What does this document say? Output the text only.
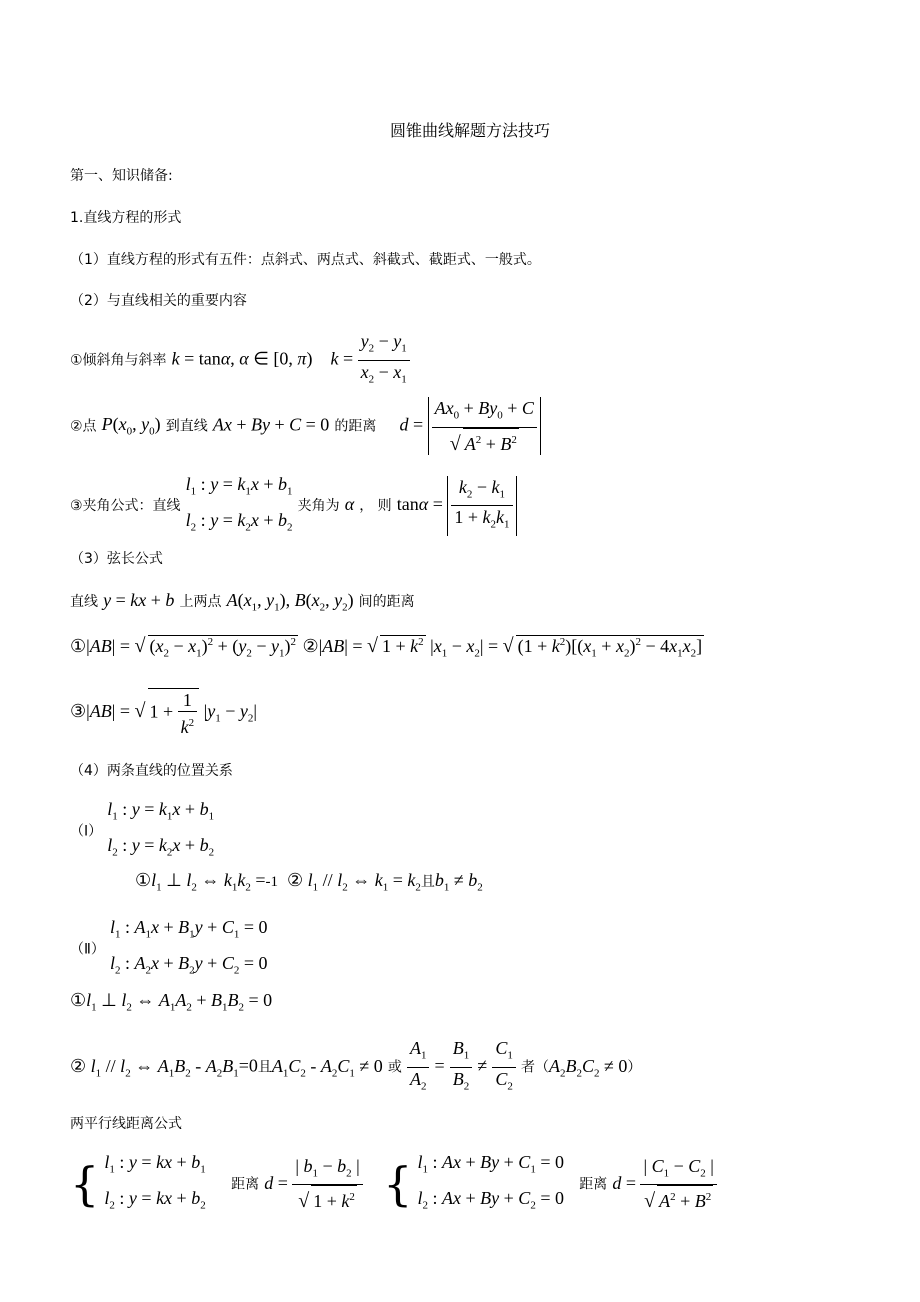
圆锥曲线解题方法技巧
第一、知识储备:
1.直线方程的形式
（1）直线方程的形式有五件：点斜式、两点式、斜截式、截距式、一般式。
（2）与直线相关的重要内容
①倾斜角与斜率 k = tanα, α ∈ [0, π)    $k = \frac{y_2 - y_1}{x_2 - x_1}$
②点 $P(x_0$, $y_0$) 到直线 Ax + By + C = 0 的距离 $d = \frac{Ax_0 + By_0 + C}{√ A^2 + B^2}$
③夹角公式：直线
$l_1$ : $y = k_1x + b_1$
$l_2$ : $y = k_2x + b_2$
夹角为 α ， 则 $\tan\alpha = \frac{k_2 - k_1}{1 + k_2k_1}$
（3）弦长公式
直线 y = kx + b 上两点 $A(x_1$, $y_1$), $B(x_2$, $y_2$) 间的距离
①|AB| = √ $(x_2 - x_1)^2 + (y_2 - y_1)^2$ ②|AB| = √ $1 + k^2$ $|x_1 - x_2|$ = √ $(1 + k^2)[(x_1 + x_2)^2 - 4x_1x_2]$
③|AB| = √ $1 + \frac{1}{k^2} |y_1 - y_2|$
（4）两条直线的位置关系
（Ⅰ）
$l_1$ : $y = k_1x + b_1$
$l_2$ : $y = k_2x + b_2$
$①l_1$ ⊥ $l_2$ ⇔ $k_1k_2 =-1$  ② $l_1 // l_2$ ⇔ $k_1 = k_2$且$b_1 \ne b_2$
（Ⅱ）
$l_1$ : $A_1x + B_1y + C_1 = 0$
$l_2$ : $A_2x + B_2y + C_2 = 0$
$①l_1$ ⊥ $l_2$ ⇔ $A_1A_2 + B_1B_2 = 0$
② $l_1 // l_2$ ⇔ $A_1B_2 - A_2B_1=0$且$A_1C_2 - A_2C_1 \ne 0$ 或 $\frac{A_1}{A_2} = \frac{B_1}{B_2} \ne \frac{C_1}{C_2}$ 者$(A_2B_2C_2 \ne 0)$
两平行线距离公式
{ $l_1$ : y = kx + $b_1$
$l_2$ : y = kx + $b_2$
距离 $d = \frac{| b_1 - b_2 |}{√ 1 + k^2}$ { $l_1$ : $Ax + By + C_1 = 0$
$l_2$ : $Ax + By + C_2 = 0$
距离 $d = \frac{| C_1 - C_2 |}{√ A^2 + B^2}$
